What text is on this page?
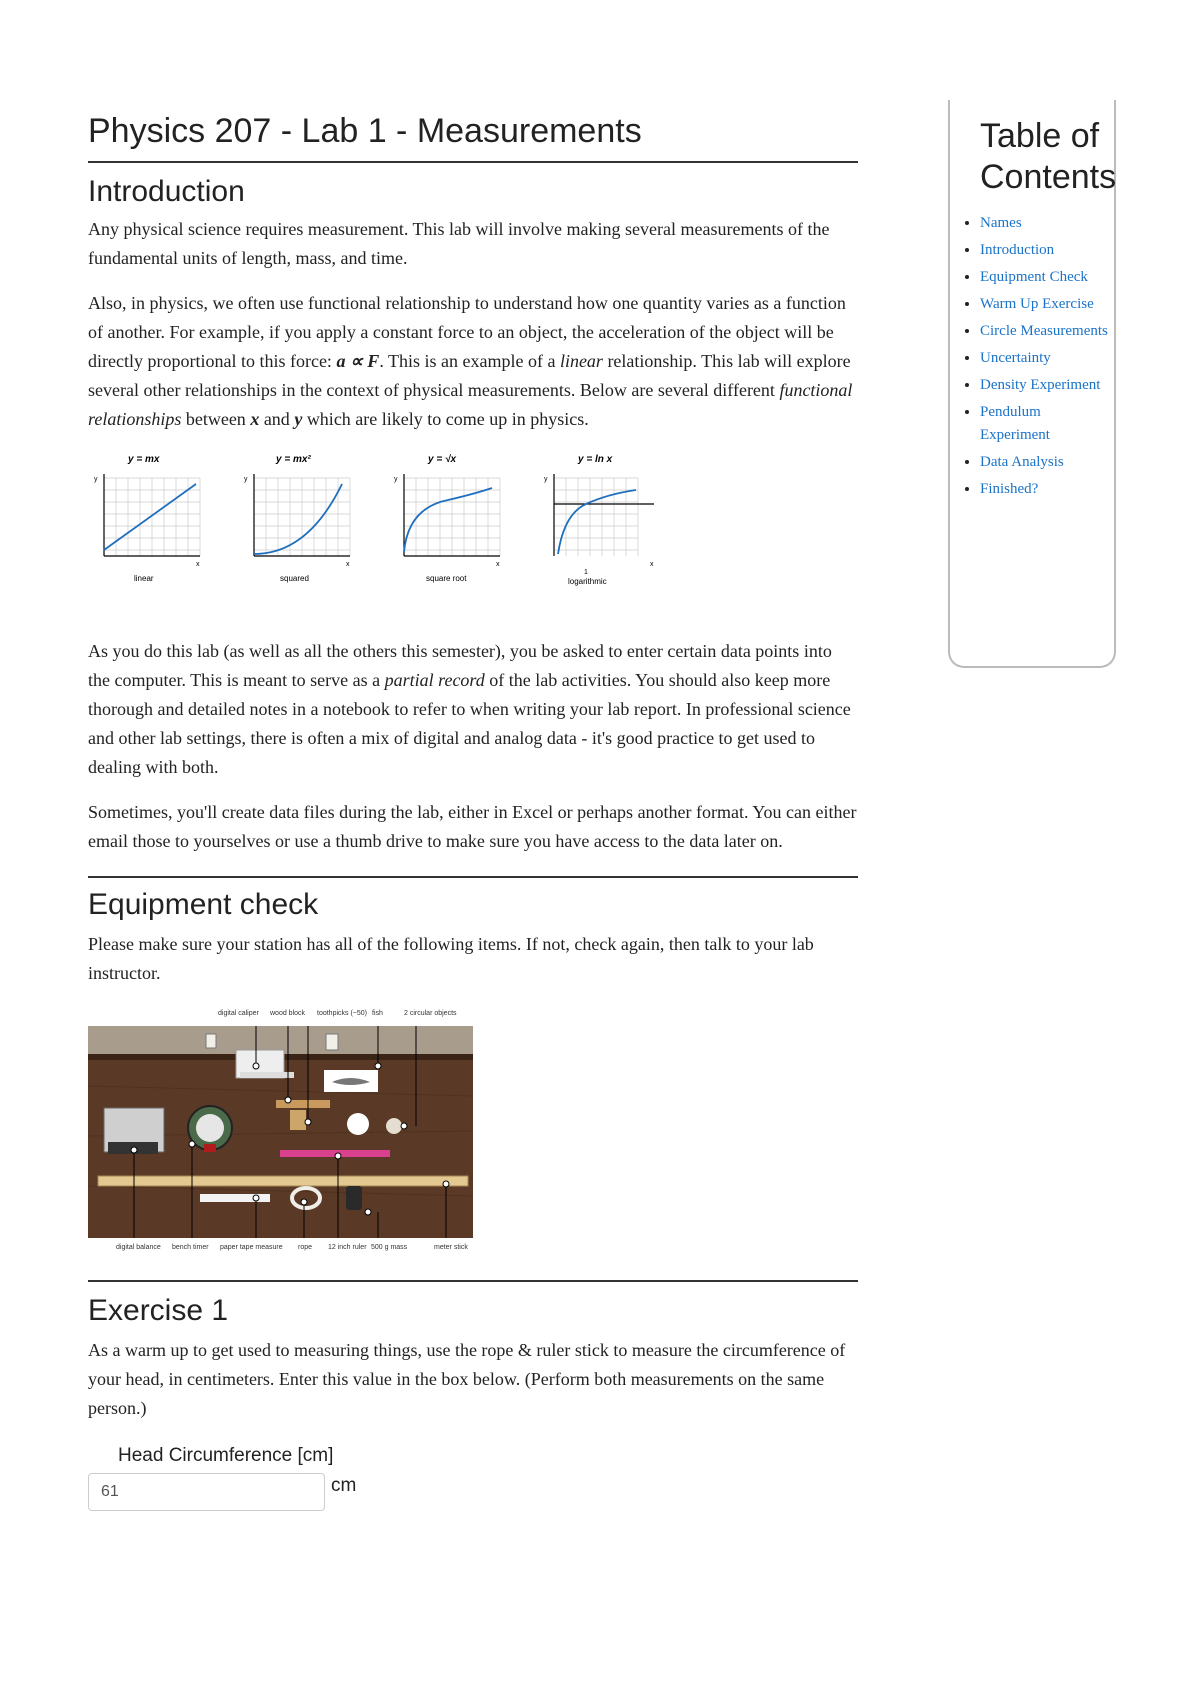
Physics 207 - Lab 1 - Measurements
Introduction

Any physical science requires measurement. This lab will involve making several measurements of the fundamental units of length, mass, and time.

Also, in physics, we often use functional relationship to understand how one quantity varies as a function of another. For example, if you apply a constant force to an object, the acceleration of the object will be directly proportional to this force: a ∝ F. This is an example of a linear relationship. This lab will explore several other relationships in the context of physical measurements. Below are several different functional relationships between x and y which are likely to come up in physics.

y = mx
y
x
linear
y = mx²
y
x
squared
y = √x
y
x
square root
y = ln x
y
x
1
logarithmic

As you do this lab (as well as all the others this semester), you be asked to enter certain data points into the computer. This is meant to serve as a partial record of the lab activities. You should also keep more thorough and detailed notes in a notebook to refer to when writing your lab report. In professional science and other lab settings, there is often a mix of digital and analog data - it's good practice to get used to dealing with both.

Sometimes, you'll create data files during the lab, either in Excel or perhaps another format. You can either email those to yourselves or use a thumb drive to make sure you have access to the data later on.

Equipment check

Please make sure your station has all of the following items. If not, check again, then talk to your lab instructor.

digital caliper wood block toothpicks (~50) fish	2 circular objects
digital balance bench timer paper tape measure rope 12 inch ruler 500 g mass	meter stick
Exercise 1

As a warm up to get used to measuring things, use the rope & ruler stick to measure the circumference of your head, in centimeters. Enter this value in the box below. (Perform both measurements on the same person.)

Head Circumference [cm]
61
cm
Table of Contents
• Names
• Introduction
• Equipment Check
• Warm Up Exercise
• Circle Measurements
• Uncertainty
• Density Experiment
• Pendulum Experiment
• Data Analysis
• Finished?
